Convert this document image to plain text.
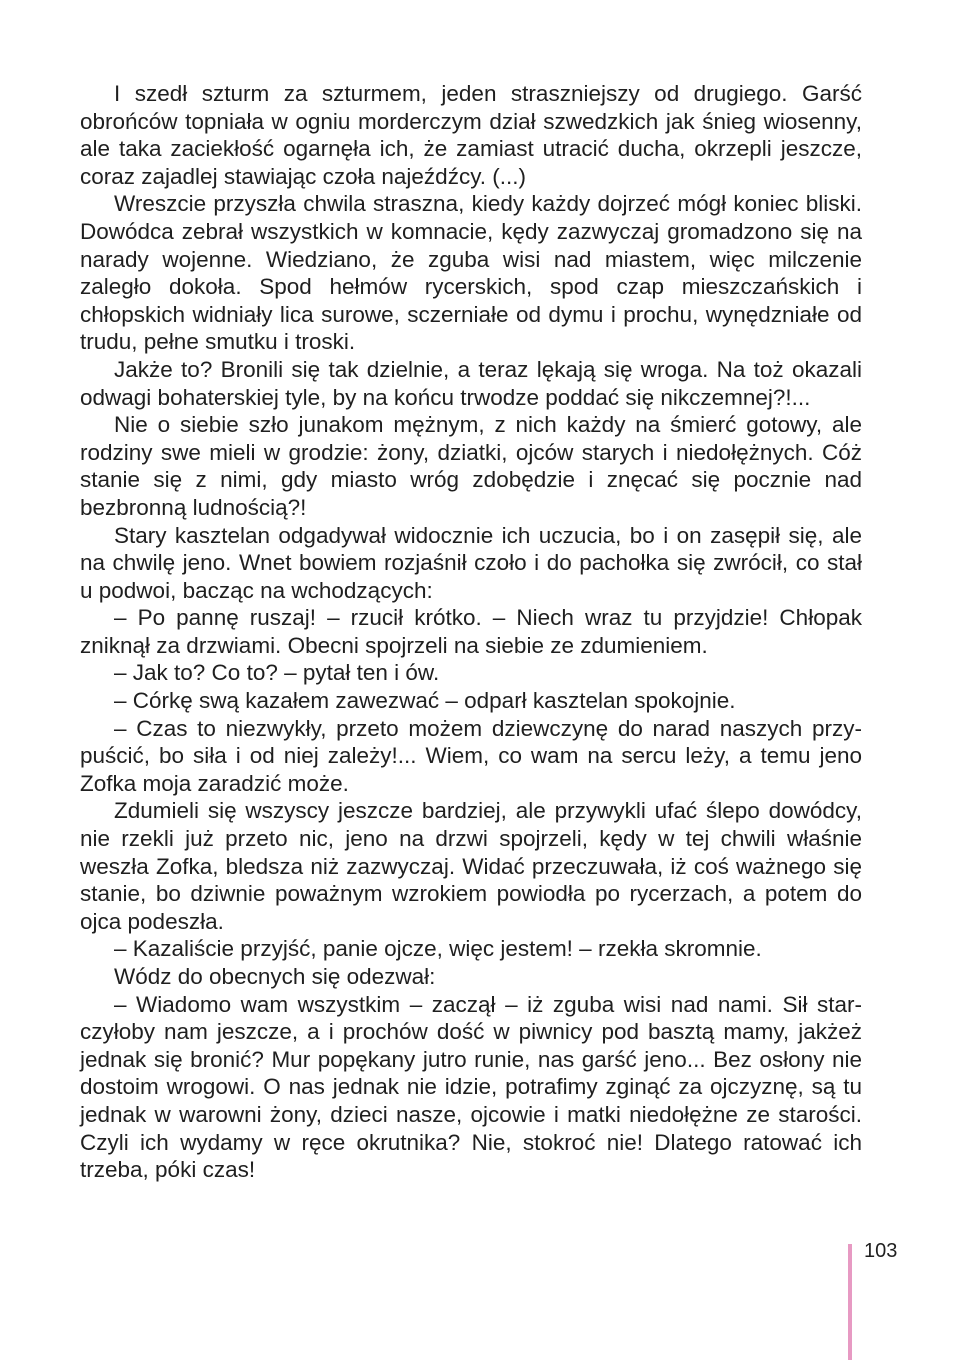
I szedł szturm za szturmem, jeden straszniejszy od drugiego. Garść obrońców topniała w ogniu morderczym dział szwedzkich jak śnieg wiosenny, ale taka zaciekłość ogarnęła ich, że zamiast utracić ducha, okrzepli jeszcze, coraz zajadlej stawiając czoła najeźdźcy. (...)

Wreszcie przyszła chwila straszna, kiedy każdy dojrzeć mógł koniec bliski. Dowódca zebrał wszystkich w komnacie, kędy zazwyczaj gromadzono się na narady wojenne. Wiedziano, że zguba wisi nad miastem, więc milczenie zaległo dokoła. Spod hełmów rycerskich, spod czap mieszczańskich i chłopskich widniały lica surowe, sczerniałe od dymu i prochu, wynędzniałe od trudu, pełne smutku i troski.

Jakże to? Bronili się tak dzielnie, a teraz lękają się wroga. Na toż okazali odwagi bohaterskiej tyle, by na końcu trwodze poddać się nikczemnej?!...

Nie o siebie szło junakom mężnym, z nich każdy na śmierć gotowy, ale rodziny swe mieli w grodzie: żony, dziatki, ojców starych i niedołężnych. Cóż stanie się z nimi, gdy miasto wróg zdobędzie i znęcać się pocznie nad bezbronną ludnością?!

Stary kasztelan odgadywał widocznie ich uczucia, bo i on zasępił się, ale na chwilę jeno. Wnet bowiem rozjaśnił czoło i do pachołka się zwrócił, co stał u podwoi, bacząc na wchodzących:

– Po pannę ruszaj! – rzucił krótko. – Niech wraz tu przyjdzie! Chłopak zniknął za drzwiami. Obecni spojrzeli na siebie ze zdumieniem.

– Jak to? Co to? – pytał ten i ów.

– Córkę swą kazałem zawezwać – odparł kasztelan spokojnie.

– Czas to niezwykły, przeto możem dziewczynę do narad naszych przypuścić, bo siła i od niej zależy!... Wiem, co wam na sercu leży, a temu jeno Zofka moja zaradzić może.

Zdumieli się wszyscy jeszcze bardziej, ale przywykli ufać ślepo dowódcy, nie rzekli już przeto nic, jeno na drzwi spojrzeli, kędy w tej chwili właśnie weszła Zofka, bledsza niż zazwyczaj. Widać przeczuwała, iż coś ważnego się stanie, bo dziwnie poważnym wzrokiem powiodła po rycerzach, a potem do ojca podeszła.

– Kazaliście przyjść, panie ojcze, więc jestem! – rzekła skromnie.

Wódz do obecnych się odezwał:

– Wiadomo wam wszystkim – zaczął – iż zguba wisi nad nami. Sił starczyłoby nam jeszcze, a i prochów dość w piwnicy pod basztą mamy, jakżeż jednak się bronić? Mur popękany jutro runie, nas garść jeno... Bez osłony nie dostoim wrogowi. O nas jednak nie idzie, potrafimy zginąć za ojczyznę, są tu jednak w warowni żony, dzieci nasze, ojcowie i matki niedołężne ze starości. Czyli ich wydamy w ręce okrutnika? Nie, stokroć nie! Dlatego ratować ich trzeba, póki czas!

103
